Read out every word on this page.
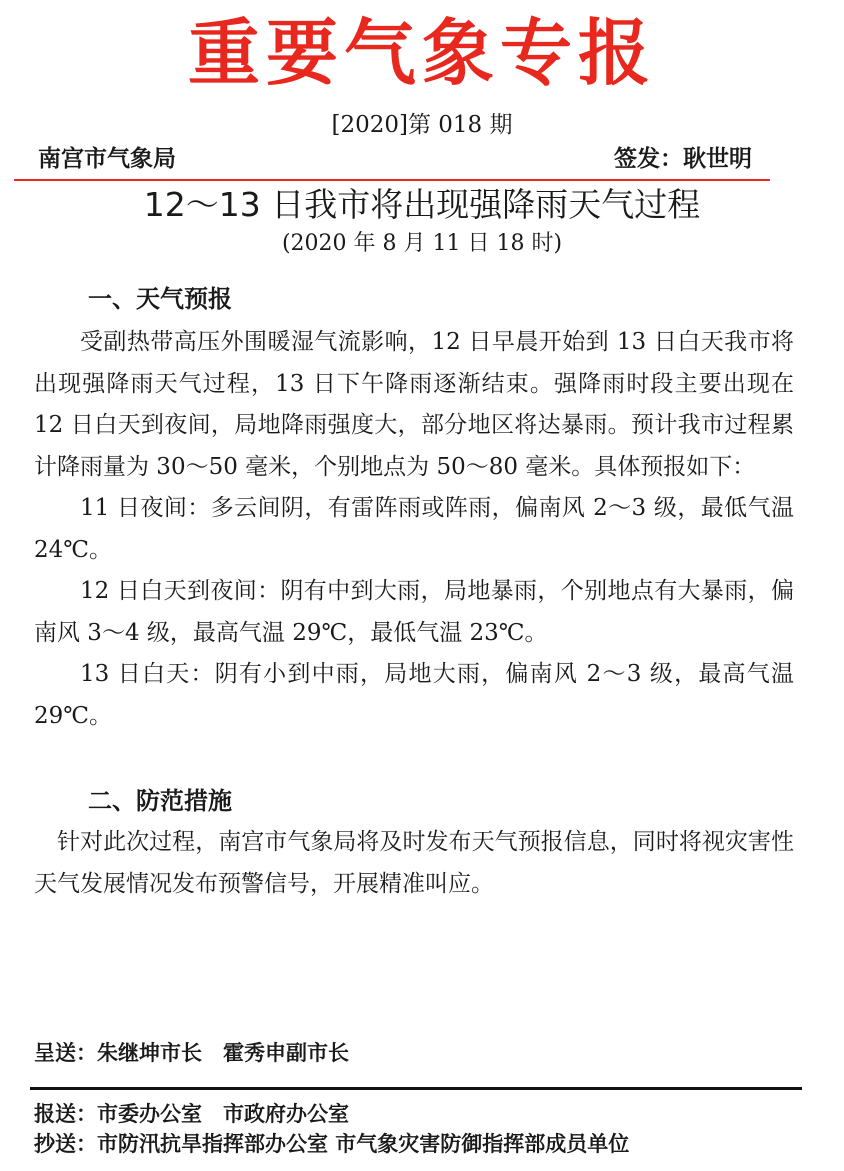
重要气象专报
[2020]第 018 期
南宫市气象局	签发： 耿世明
12～13 日我市将出现强降雨天气过程
(2020 年 8 月 11 日 18 时)
一、天气预报

受副热带高压外围暖湿气流影响，12 日早晨开始到 13 日白天我市将出现强降雨天气过程，13 日下午降雨逐渐结束。强降雨时段主要出现在 12 日白天到夜间，局地降雨强度大，部分地区将达暴雨。预计我市过程累计降雨量为 30～50 毫米，个别地点为 50～80 毫米。具体预报如下：

11 日夜间：多云间阴，有雷阵雨或阵雨，偏南风 2～3 级，最低气温 24℃。

12 日白天到夜间：阴有中到大雨，局地暴雨，个别地点有大暴雨，偏南风 3～4 级，最高气温 29℃，最低气温 23℃。

13 日白天：阴有小到中雨，局地大雨，偏南风 2～3 级，最高气温 29℃。

二、防范措施

针对此次过程，南宫市气象局将及时发布天气预报信息，同时将视灾害性天气发展情况发布预警信号，开展精准叫应。

呈送：朱继坤市长　霍秀申副市长
报送：市委办公室　市政府办公室
抄送：市防汛抗旱指挥部办公室 市气象灾害防御指挥部成员单位
